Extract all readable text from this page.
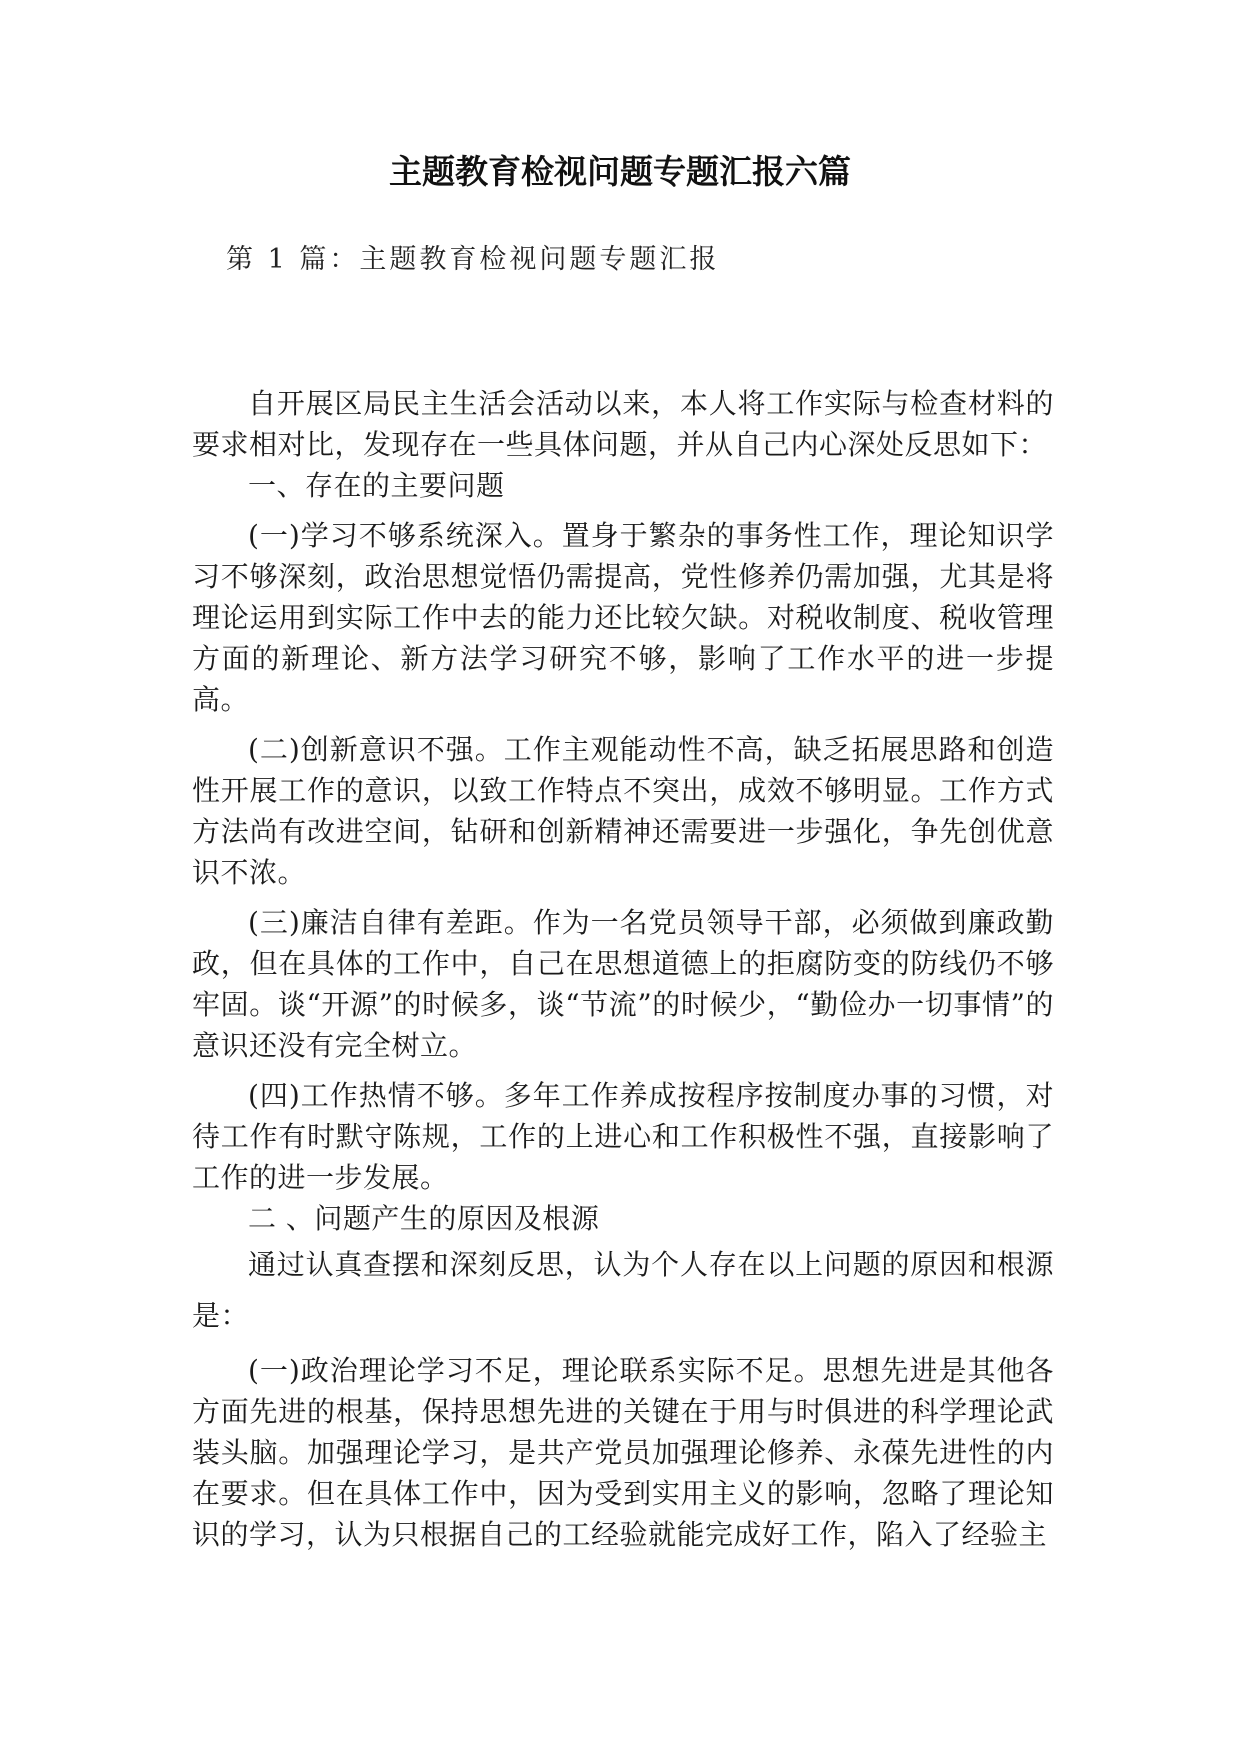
主题教育检视问题专题汇报六篇
第 1 篇：主题教育检视问题专题汇报

自开展区局民主生活会活动以来，本人将工作实际与检查材料的要求相对比，发现存在一些具体问题，并从自己内心深处反思如下：

一、存在的主要问题

(一)学习不够系统深入。置身于繁杂的事务性工作，理论知识学习不够深刻，政治思想觉悟仍需提高，党性修养仍需加强，尤其是将理论运用到实际工作中去的能力还比较欠缺。对税收制度、税收管理方面的新理论、新方法学习研究不够，影响了工作水平的进一步提高。

(二)创新意识不强。工作主观能动性不高，缺乏拓展思路和创造性开展工作的意识，以致工作特点不突出，成效不够明显。工作方式方法尚有改进空间，钻研和创新精神还需要进一步强化，争先创优意识不浓。

(三)廉洁自律有差距。作为一名党员领导干部，必须做到廉政勤政，但在具体的工作中，自己在思想道德上的拒腐防变的防线仍不够牢固。谈“开源”的时候多，谈“节流”的时候少，“勤俭办一切事情”的意识还没有完全树立。

(四)工作热情不够。多年工作养成按程序按制度办事的习惯，对待工作有时默守陈规，工作的上进心和工作积极性不强，直接影响了工作的进一步发展。

二 、问题产生的原因及根源

通过认真查摆和深刻反思，认为个人存在以上问题的原因和根源是：

(一)政治理论学习不足，理论联系实际不足。思想先进是其他各方面先进的根基，保持思想先进的关键在于用与时俱进的科学理论武装头脑。加强理论学习，是共产党员加强理论修养、永葆先进性的内在要求。但在具体工作中，因为受到实用主义的影响，忽略了理论知识的学习，认为只根据自己的工经验就能完成好工作，陷入了经验主
